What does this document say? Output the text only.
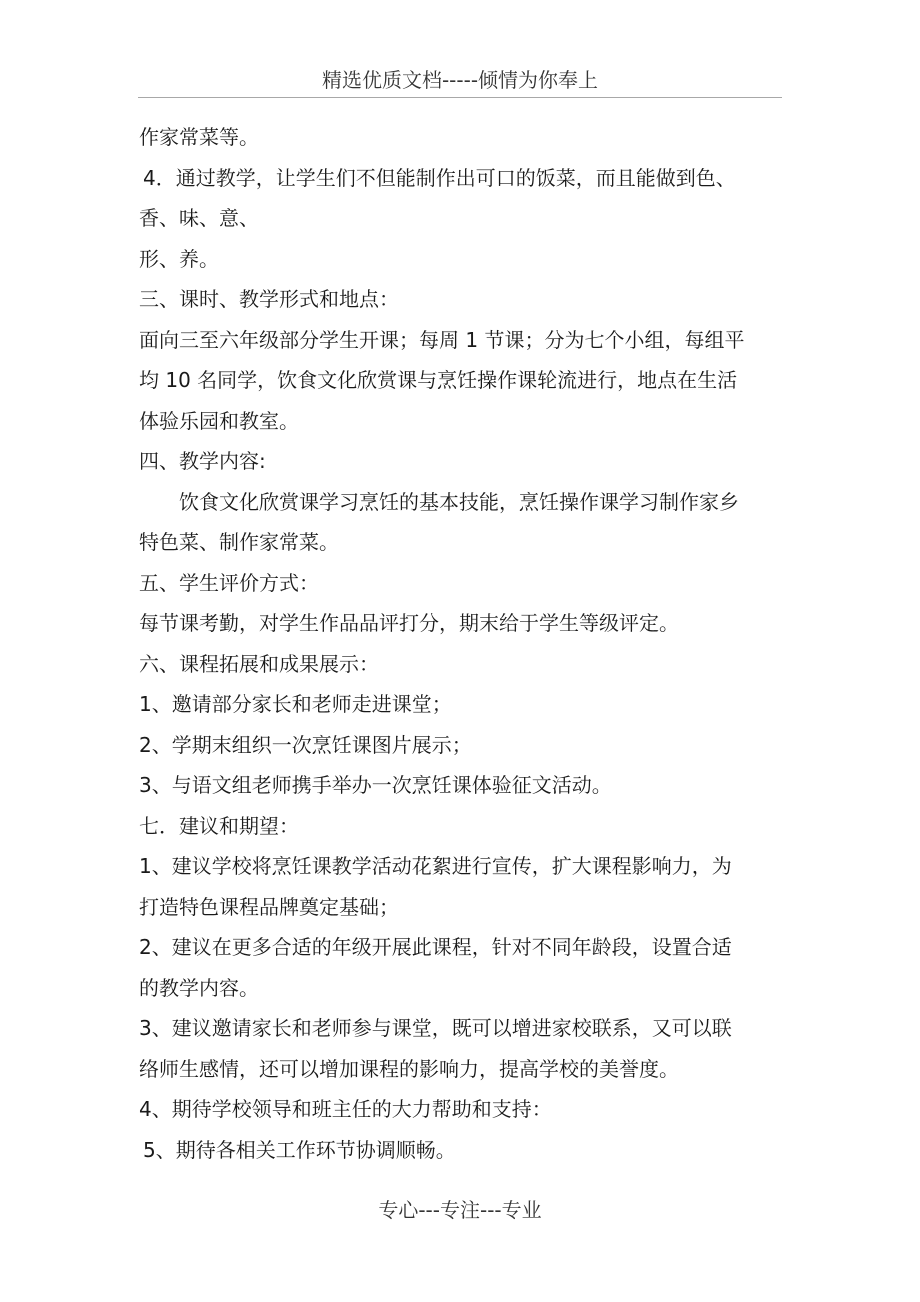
精选优质文档-----倾情为你奉上
作家常菜等。
4．通过教学，让学生们不但能制作出可口的饭菜，而且能做到色、
香、味、意、
形、养。
三、课时、教学形式和地点：
面向三至六年级部分学生开课；每周 1 节课；分为七个小组，每组平
均 10 名同学，饮食文化欣赏课与烹饪操作课轮流进行，地点在生活
体验乐园和教室。
四、教学内容:
饮食文化欣赏课学习烹饪的基本技能，烹饪操作课学习制作家乡
特色菜、制作家常菜。
五、学生评价方式：
每节课考勤，对学生作品品评打分，期末给于学生等级评定。
六、课程拓展和成果展示：
1、邀请部分家长和老师走进课堂；
2、学期末组织一次烹饪课图片展示；
3、与语文组老师携手举办一次烹饪课体验征文活动。
七．建议和期望：
1、建议学校将烹饪课教学活动花絮进行宣传，扩大课程影响力，为
打造特色课程品牌奠定基础；
2、建议在更多合适的年级开展此课程，针对不同年龄段，设置合适
的教学内容。
3、建议邀请家长和老师参与课堂，既可以增进家校联系，又可以联
络师生感情，还可以增加课程的影响力，提高学校的美誉度。
4、期待学校领导和班主任的大力帮助和支持：
5、期待各相关工作环节协调顺畅。
专心---专注---专业
